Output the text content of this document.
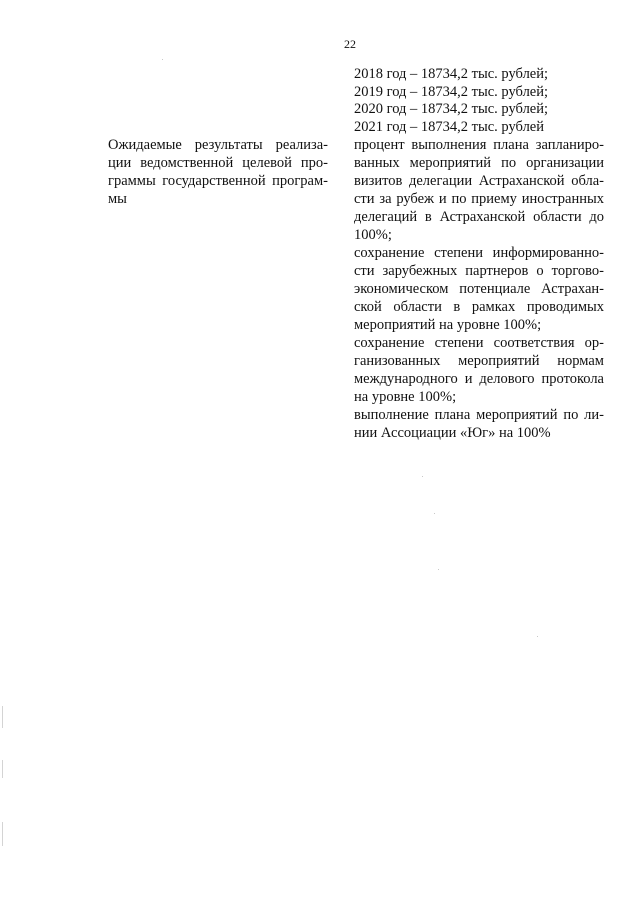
22
2018 год – 18734,2 тыс. рублей;
2019 год – 18734,2 тыс. рублей;
2020 год – 18734,2 тыс. рублей;
2021 год – 18734,2 тыс. рублей
Ожидаемые результаты реализа-
ции ведомственной целевой про-
граммы государственной програм-
мы
процент выполнения плана запланиро-
ванных мероприятий по организации
визитов делегации Астраханской обла-
сти за рубеж и по приему иностранных
делегаций в Астраханской области до
100%;
сохранение степени информированно-
сти зарубежных партнеров о торгово-
экономическом потенциале Астрахан-
ской области в рамках проводимых
мероприятий на уровне 100%;
сохранение степени соответствия ор-
ганизованных мероприятий нормам
международного и делового протокола
на уровне 100%;
выполнение плана мероприятий по ли-
нии Ассоциации «Юг» на 100%
